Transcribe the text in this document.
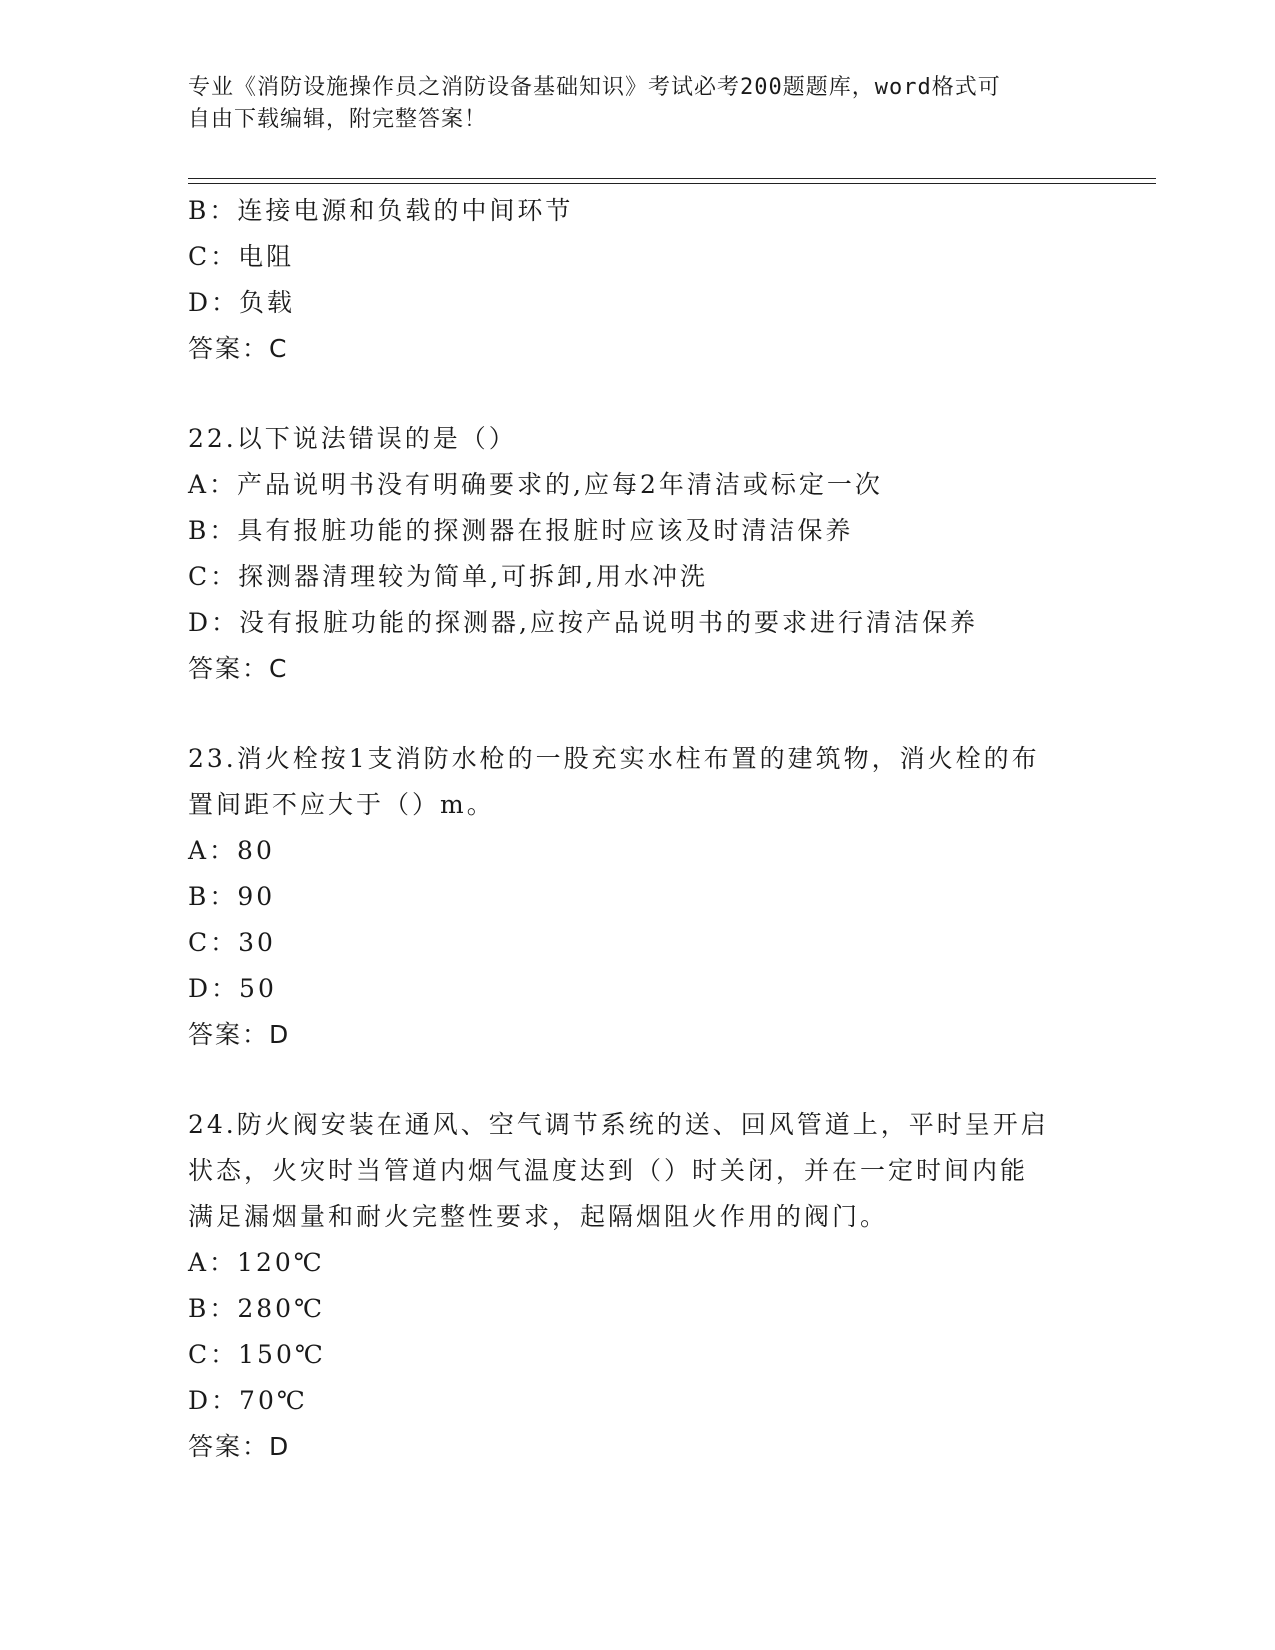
专业《消防设施操作员之消防设备基础知识》考试必考200题题库，word格式可
自由下载编辑，附完整答案！
B：连接电源和负载的中间环节
C：电阻
D：负载
答案：C
22.以下说法错误的是（）
A：产品说明书没有明确要求的,应每2年清洁或标定一次
B：具有报脏功能的探测器在报脏时应该及时清洁保养
C：探测器清理较为简单,可拆卸,用水冲洗
D：没有报脏功能的探测器,应按产品说明书的要求进行清洁保养
答案：C
23.消火栓按1支消防水枪的一股充实水柱布置的建筑物，消火栓的布
置间距不应大于（）m。
A：80
B：90
C：30
D：50
答案：D
24.防火阀安装在通风、空气调节系统的送、回风管道上，平时呈开启
状态，火灾时当管道内烟气温度达到（）时关闭，并在一定时间内能
满足漏烟量和耐火完整性要求，起隔烟阻火作用的阀门。
A：120℃
B：280℃
C：150℃
D：70℃
答案：D
